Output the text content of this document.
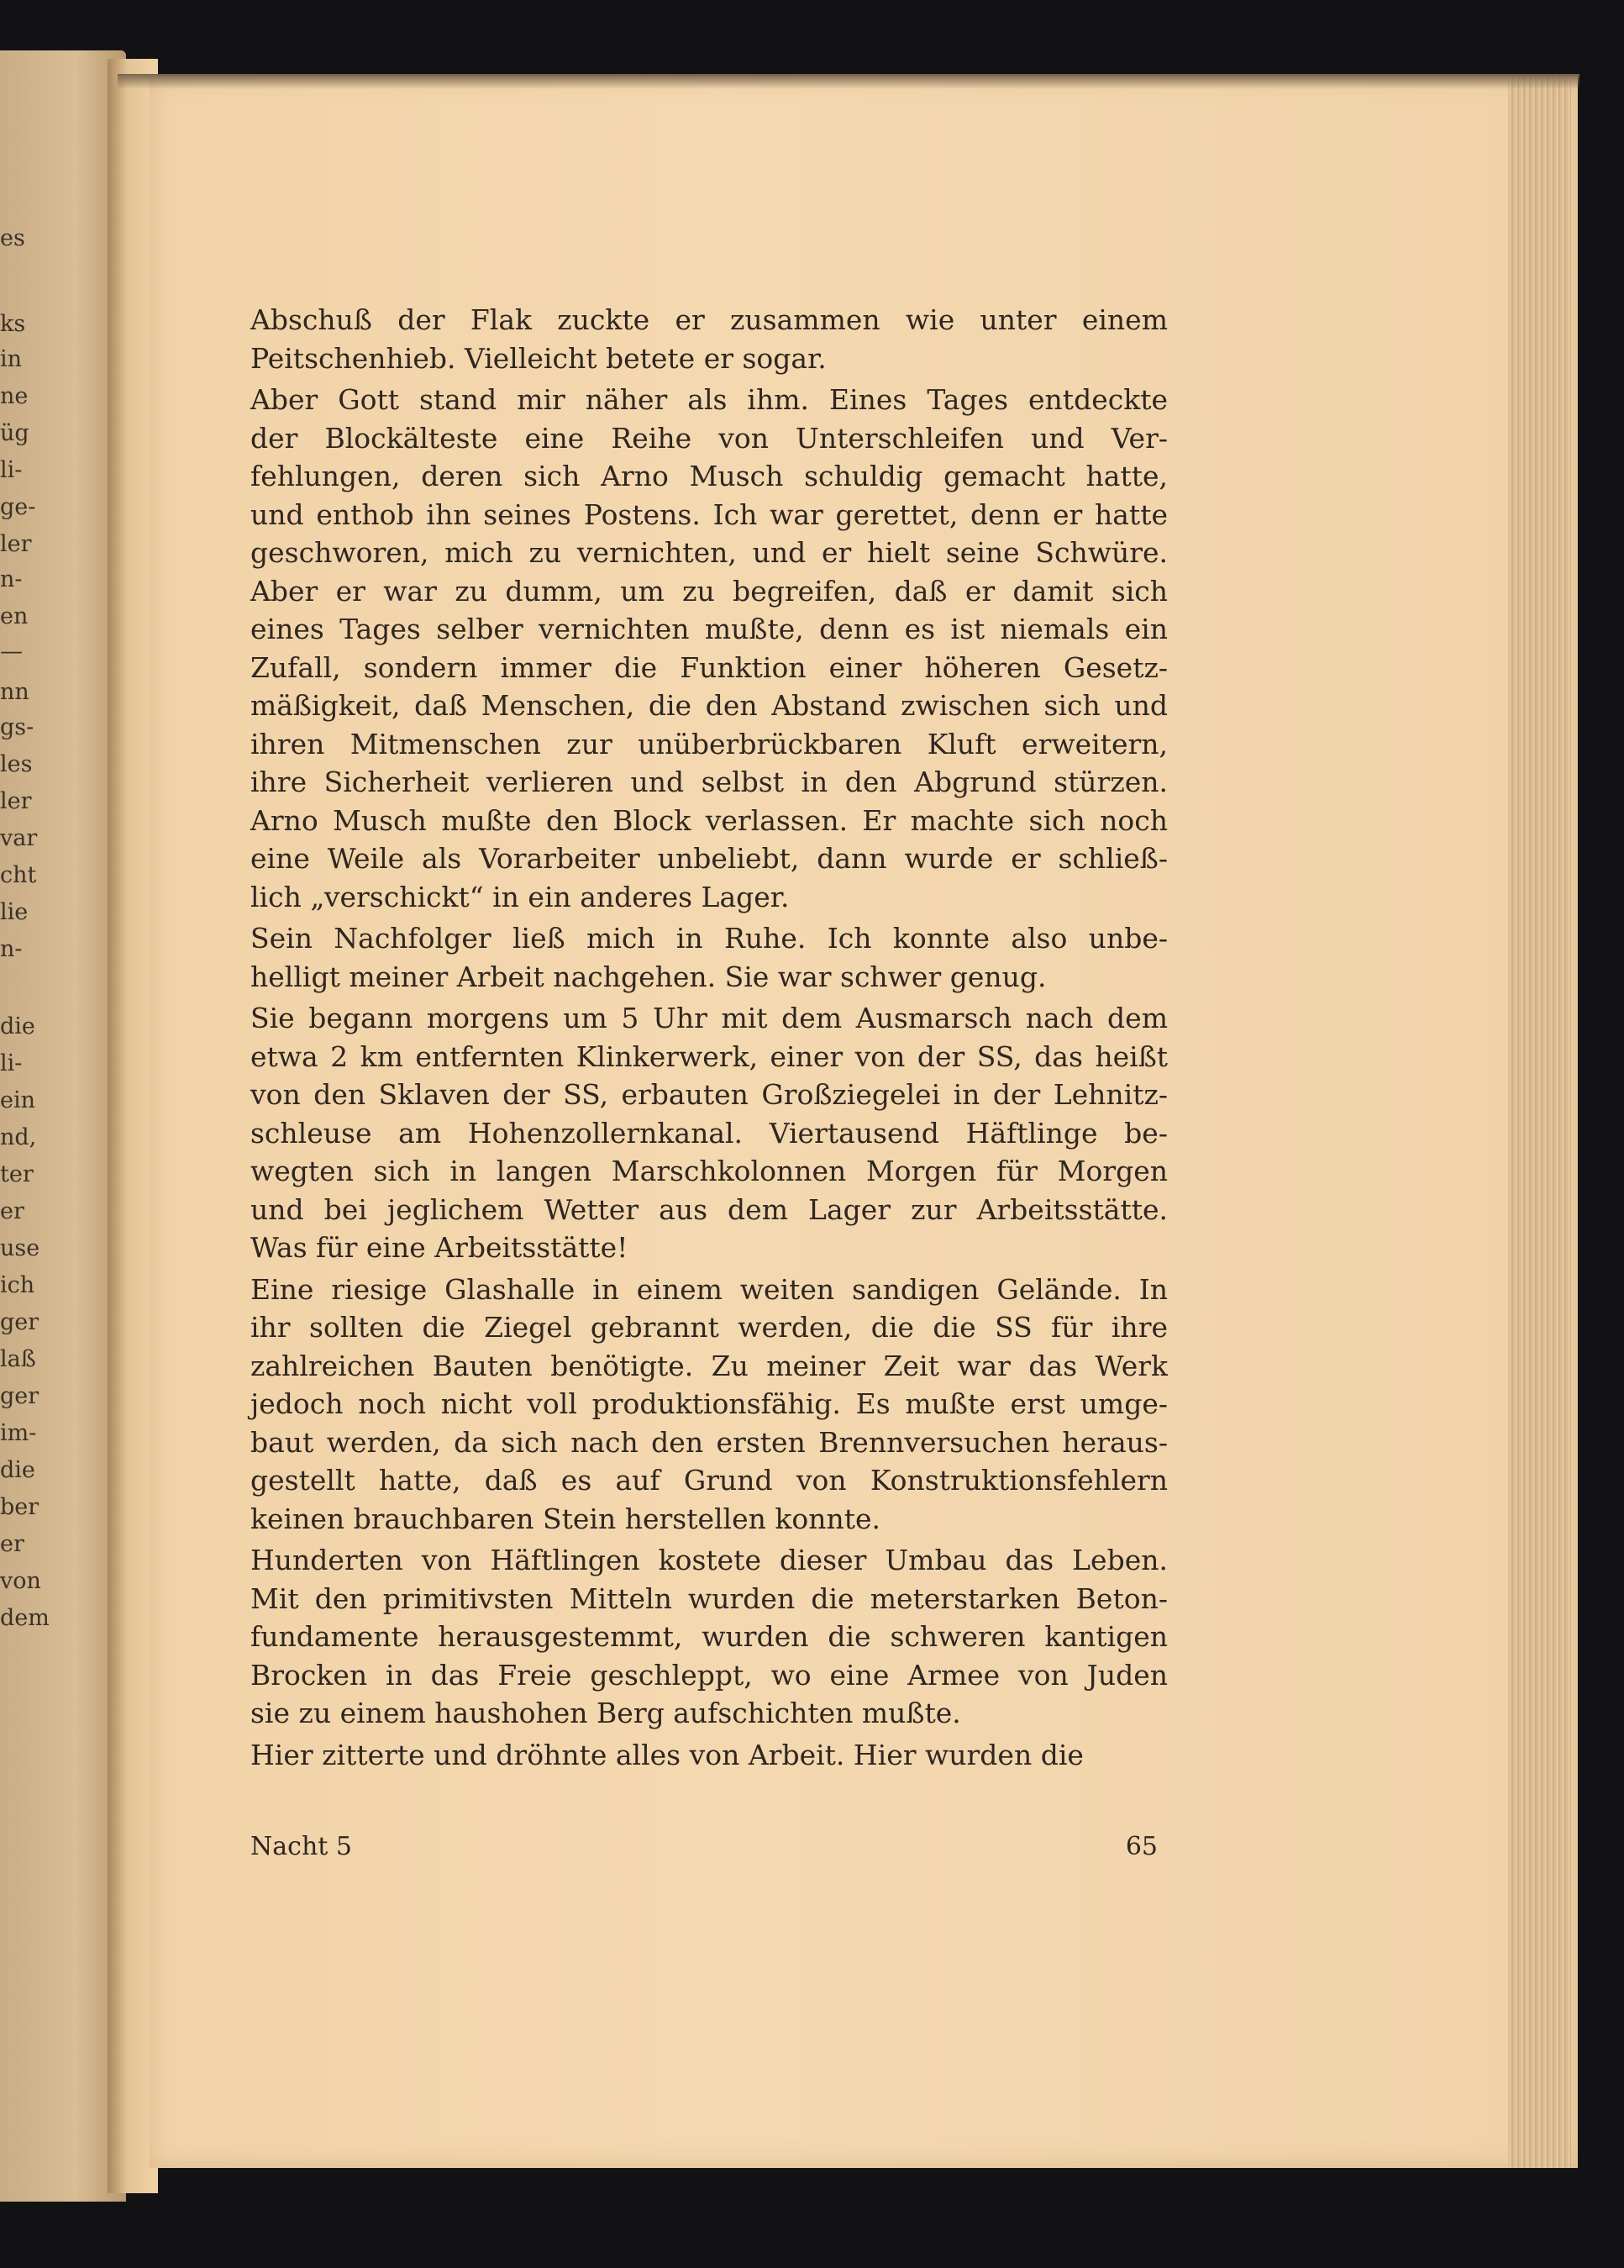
es
ks
in
ne
üg
li-
ge-
ler
n-
en
—
nn
gs-
les
ler
var
cht
lie
n-
die
li-
ein
nd,
ter
er
use
ich
ger
laß
ger
im-
die
ber
er
von
dem

Abschuß der Flak zuckte er zusammen wie unter einem

Peitschenhieb. Vielleicht betete er sogar.

Aber Gott stand mir näher als ihm. Eines Tages entdeckte

der Blockälteste eine Reihe von Unterschleifen und Ver-

fehlungen, deren sich Arno Musch schuldig gemacht hatte,

und enthob ihn seines Postens. Ich war gerettet, denn er hatte

geschworen, mich zu vernichten, und er hielt seine Schwüre.

Aber er war zu dumm, um zu begreifen, daß er damit sich

eines Tages selber vernichten mußte, denn es ist niemals ein

Zufall, sondern immer die Funktion einer höheren Gesetz-

mäßigkeit, daß Menschen, die den Abstand zwischen sich und

ihren Mitmenschen zur unüberbrückbaren Kluft erweitern,

ihre Sicherheit verlieren und selbst in den Abgrund stürzen.

Arno Musch mußte den Block verlassen. Er machte sich noch

eine Weile als Vorarbeiter unbeliebt, dann wurde er schließ-

lich „verschickt“ in ein anderes Lager.

Sein Nachfolger ließ mich in Ruhe. Ich konnte also unbe-

helligt meiner Arbeit nachgehen. Sie war schwer genug.

Sie begann morgens um 5 Uhr mit dem Ausmarsch nach dem

etwa 2 km entfernten Klinkerwerk, einer von der SS, das heißt

von den Sklaven der SS, erbauten Großziegelei in der Lehnitz-

schleuse am Hohenzollernkanal. Viertausend Häftlinge be-

wegten sich in langen Marschkolonnen Morgen für Morgen

und bei jeglichem Wetter aus dem Lager zur Arbeitsstätte.

Was für eine Arbeitsstätte!

Eine riesige Glashalle in einem weiten sandigen Gelände. In

ihr sollten die Ziegel gebrannt werden, die die SS für ihre

zahlreichen Bauten benötigte. Zu meiner Zeit war das Werk

jedoch noch nicht voll produktionsfähig. Es mußte erst umge-

baut werden, da sich nach den ersten Brennversuchen heraus-

gestellt hatte, daß es auf Grund von Konstruktionsfehlern

keinen brauchbaren Stein herstellen konnte.

Hunderten von Häftlingen kostete dieser Umbau das Leben.

Mit den primitivsten Mitteln wurden die meterstarken Beton-

fundamente herausgestemmt, wurden die schweren kantigen

Brocken in das Freie geschleppt, wo eine Armee von Juden

sie zu einem haushohen Berg aufschichten mußte.

Hier zitterte und dröhnte alles von Arbeit. Hier wurden die

Nacht 5	65
